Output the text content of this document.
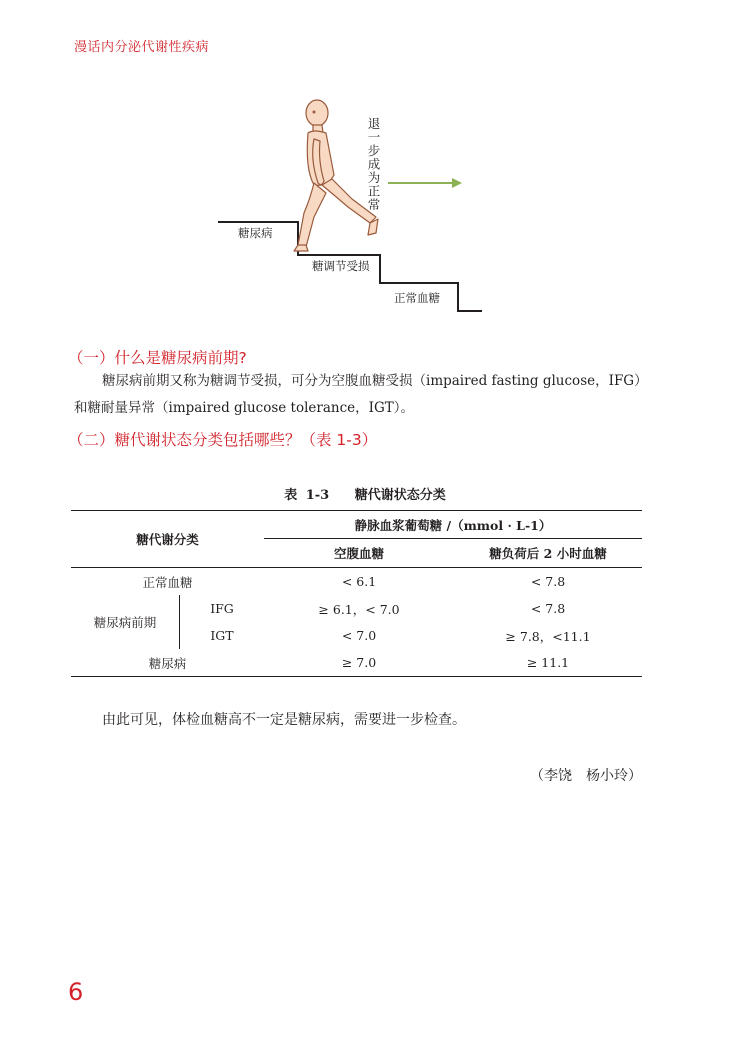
漫话内分泌代谢性疾病
退一步成为正常
糖尿病
糖调节受损
正常血糖
（一）什么是糖尿病前期?

糖尿病前期又称为糖调节受损，可分为空腹血糖受损（impaired fasting glucose，IFG）和糖耐量异常（impaired glucose tolerance，IGT）。

（二）糖代谢状态分类包括哪些？（表 1-3）
表 1-3 糖代谢状态分类
糖代谢分类		静脉血浆葡萄糖 /（mmol · L-1）	
		空腹血糖	糖负荷后 2 小时血糖
正常血糖		< 6.1	< 7.8
糖尿病前期	IFG	≥ 6.1，< 7.0	< 7.8
	IGT	< 7.0	≥ 7.8，<11.1
糖尿病		≥ 7.0	≥ 11.1

由此可见，体检血糖高不一定是糖尿病，需要进一步检查。

（李饶　杨小玲）
6
